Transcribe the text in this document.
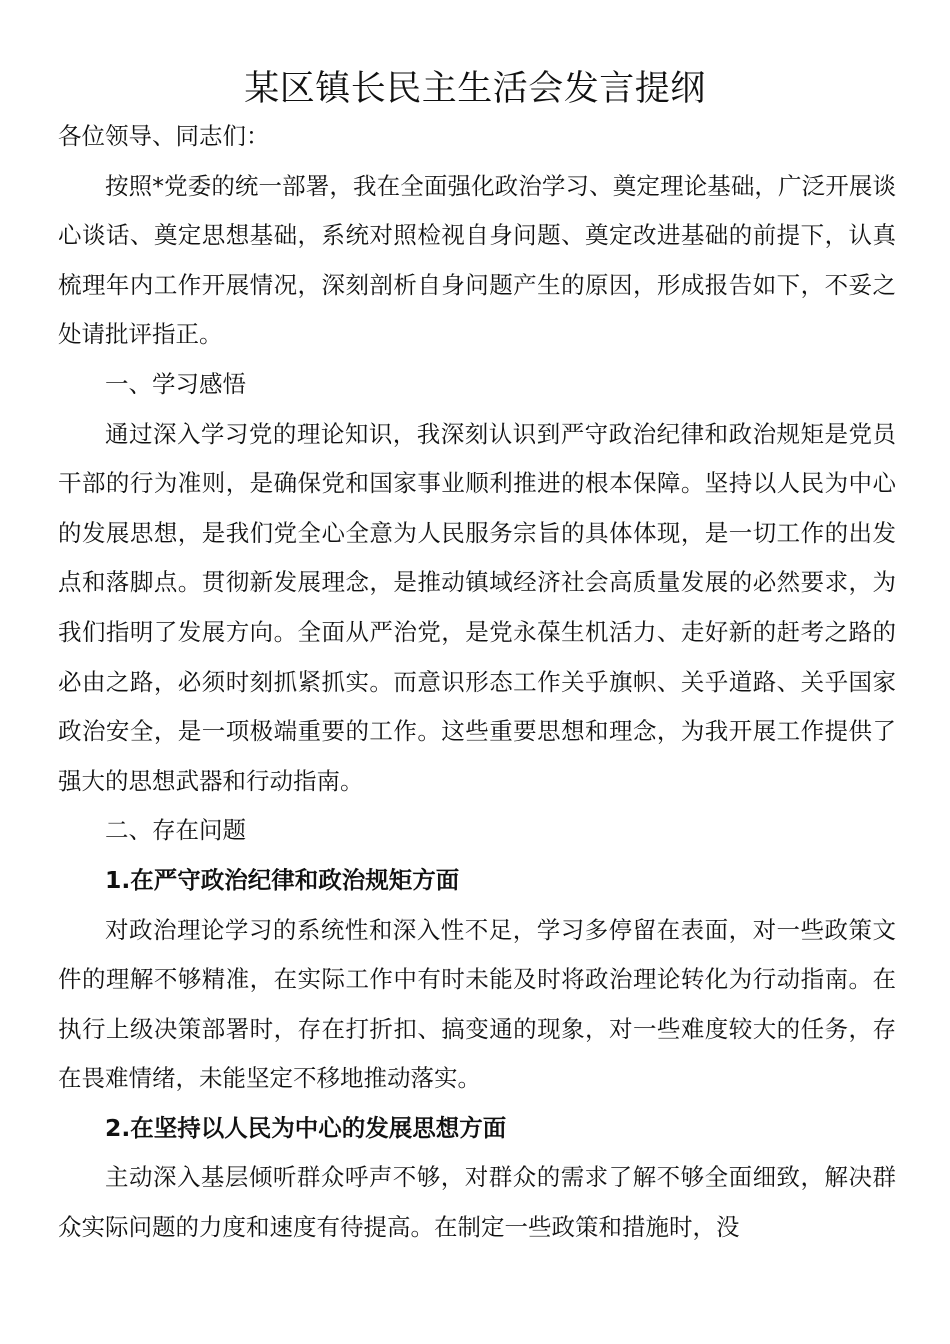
某区镇长民主生活会发言提纲

各位领导、同志们：

按照*党委的统一部署，我在全面强化政治学习、奠定理论基础，广泛开展谈心谈话、奠定思想基础，系统对照检视自身问题、奠定改进基础的前提下，认真梳理年内工作开展情况，深刻剖析自身问题产生的原因，形成报告如下，不妥之处请批评指正。

一、学习感悟

通过深入学习党的理论知识，我深刻认识到严守政治纪律和政治规矩是党员干部的行为准则，是确保党和国家事业顺利推进的根本保障。坚持以人民为中心的发展思想，是我们党全心全意为人民服务宗旨的具体体现，是一切工作的出发点和落脚点。贯彻新发展理念，是推动镇域经济社会高质量发展的必然要求，为我们指明了发展方向。全面从严治党，是党永葆生机活力、走好新的赶考之路的必由之路，必须时刻抓紧抓实。而意识形态工作关乎旗帜、关乎道路、关乎国家政治安全，是一项极端重要的工作。这些重要思想和理念，为我开展工作提供了强大的思想武器和行动指南。

二、存在问题

1.在严守政治纪律和政治规矩方面

对政治理论学习的系统性和深入性不足，学习多停留在表面，对一些政策文件的理解不够精准，在实际工作中有时未能及时将政治理论转化为行动指南。在执行上级决策部署时，存在打折扣、搞变通的现象，对一些难度较大的任务，存在畏难情绪，未能坚定不移地推动落实。

2.在坚持以人民为中心的发展思想方面

主动深入基层倾听群众呼声不够，对群众的需求了解不够全面细致，解决群众实际问题的力度和速度有待提高。在制定一些政策和措施时，没
